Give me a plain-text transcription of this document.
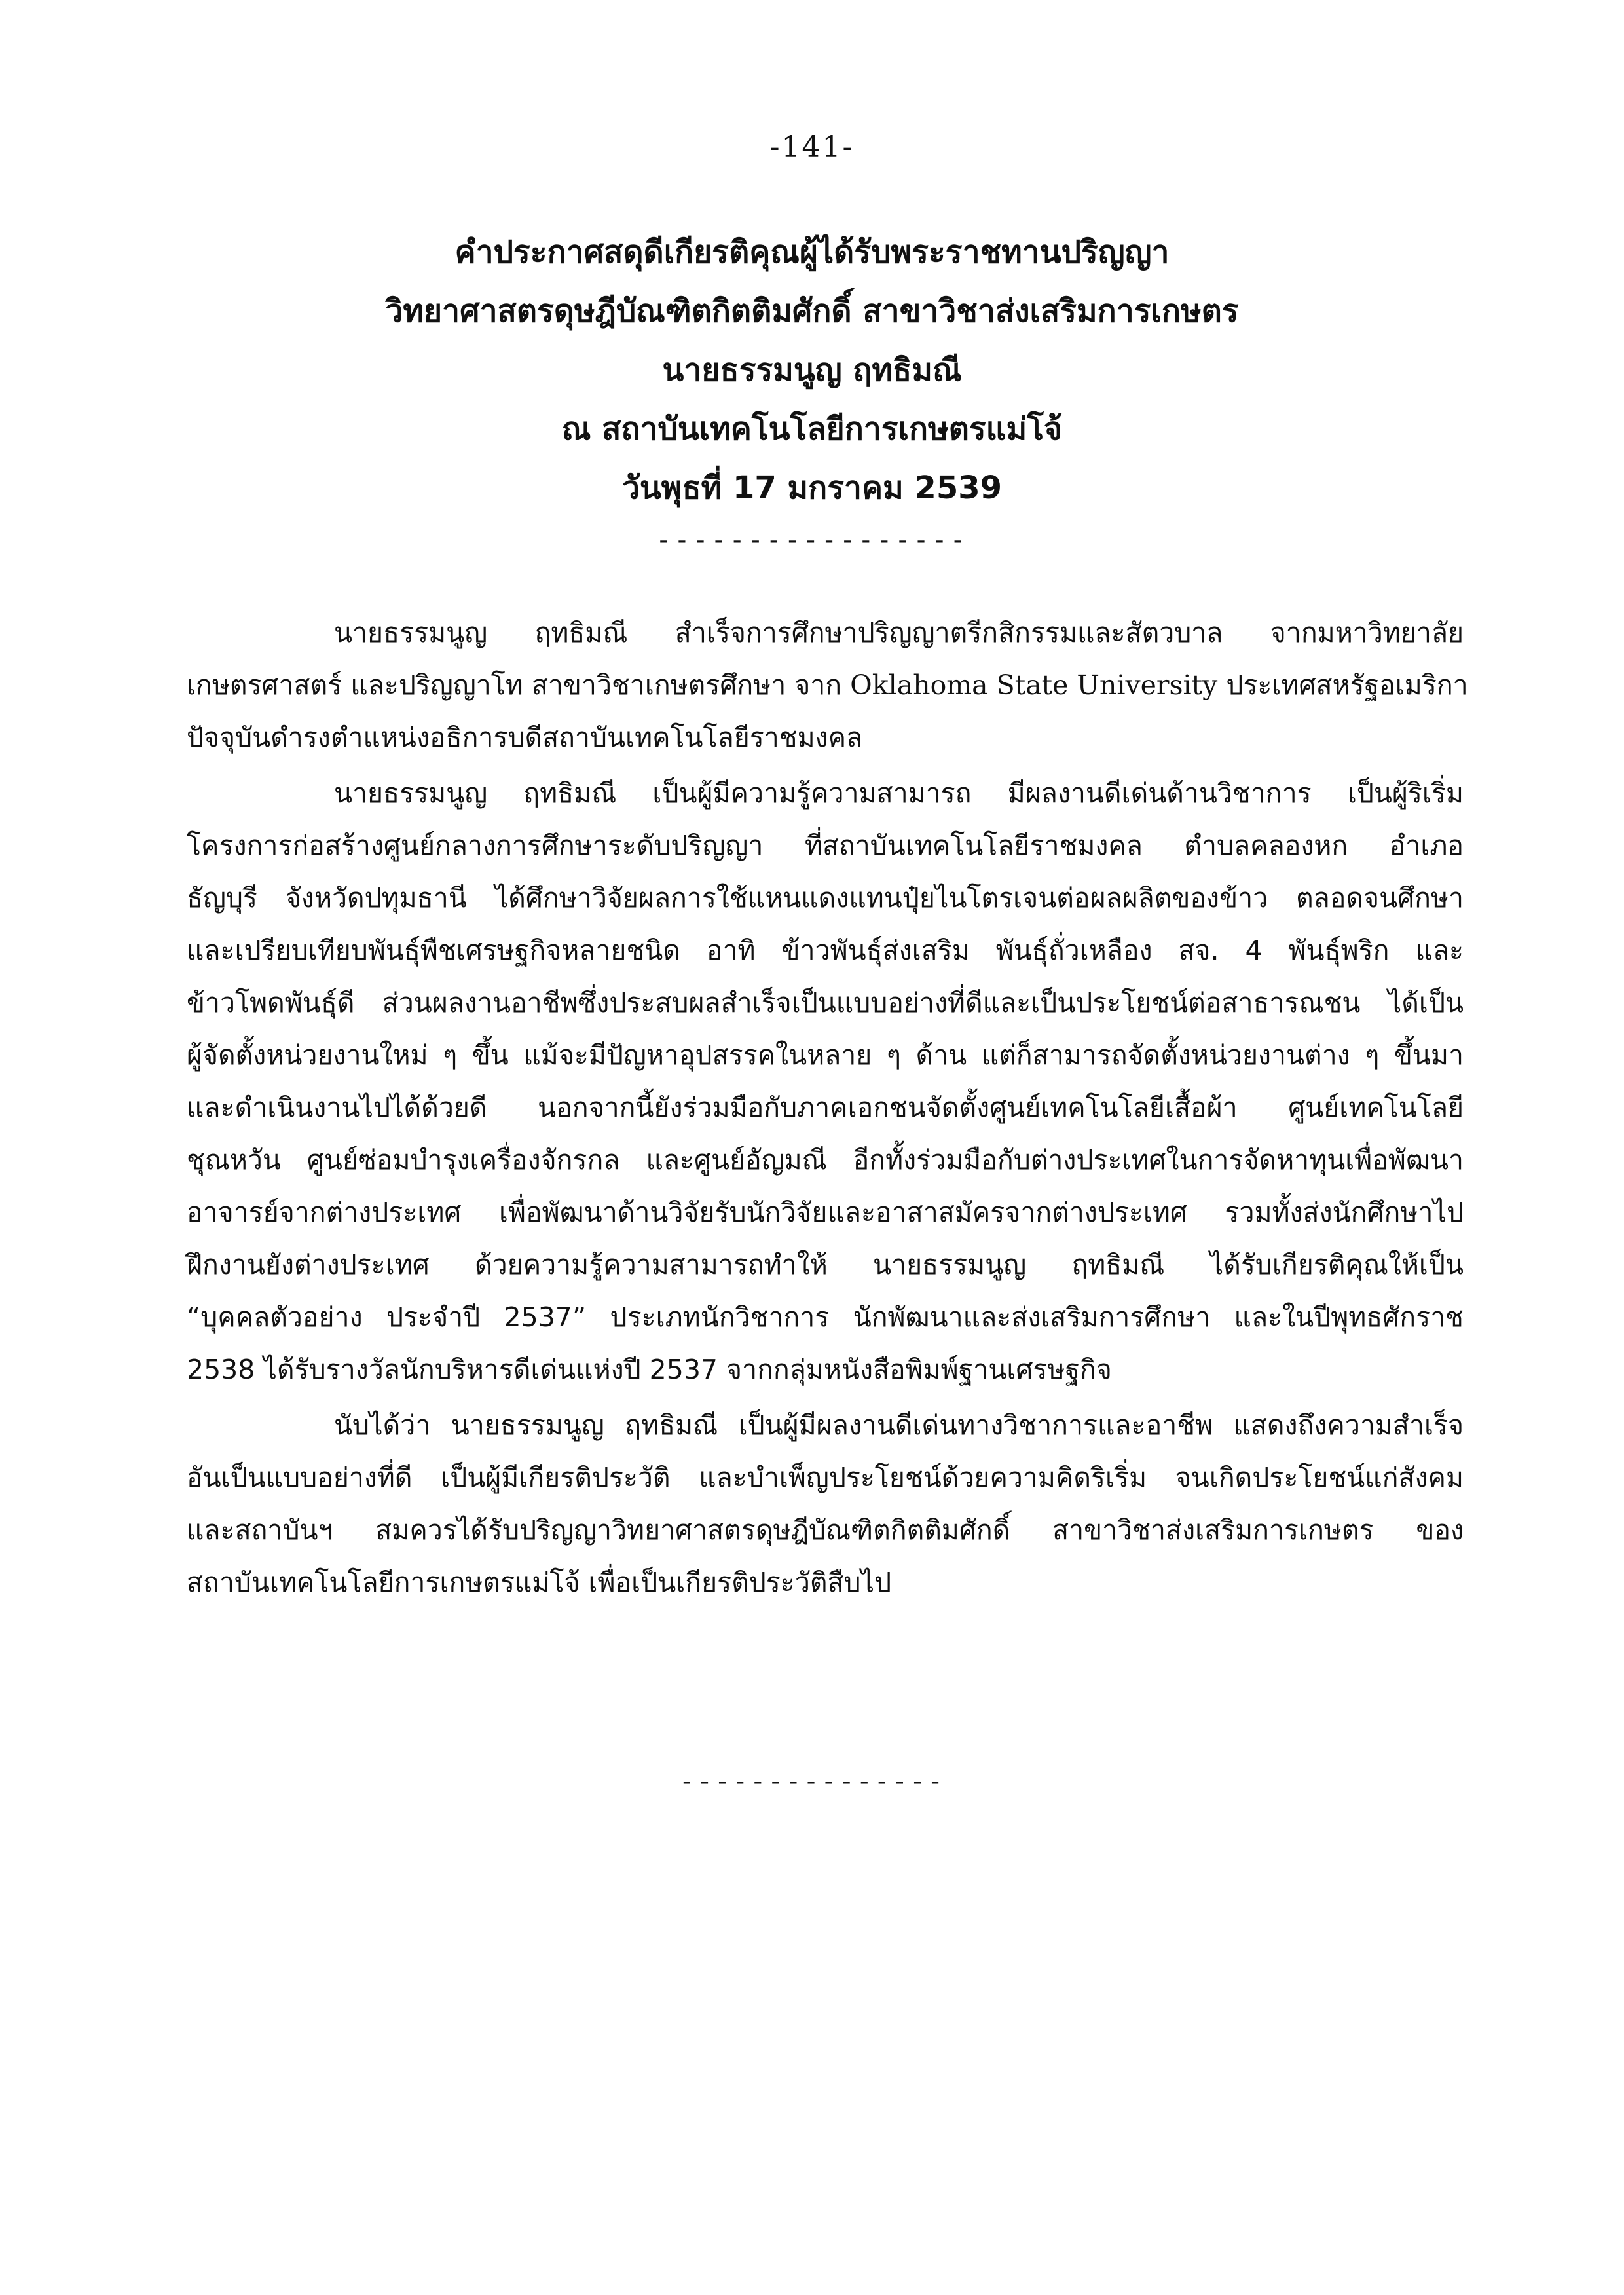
-141-
คำประกาศสดุดีเกียรติคุณผู้ได้รับพระราชทานปริญญา
วิทยาศาสตรดุษฎีบัณฑิตกิตติมศักดิ์ สาขาวิชาส่งเสริมการเกษตร
นายธรรมนูญ ฤทธิมณี
ณ สถาบันเทคโนโลยีการเกษตรแม่โจ้
วันพุธที่ 17 มกราคม 2539
-----------------
นายธรรมนูญ ฤทธิมณี สำเร็จการศึกษาปริญญาตรีกสิกรรมและสัตวบาล จากมหาวิทยาลัย
เกษตรศาสตร์ และปริญญาโท สาขาวิชาเกษตรศึกษา จาก Oklahoma State University ประเทศสหรัฐอเมริกา
ปัจจุบันดำรงตำแหน่งอธิการบดีสถาบันเทคโนโลยีราชมงคล
นายธรรมนูญ ฤทธิมณี เป็นผู้มีความรู้ความสามารถ มีผลงานดีเด่นด้านวิชาการ เป็นผู้ริเริ่ม
โครงการก่อสร้างศูนย์กลางการศึกษาระดับปริญญา ที่สถาบันเทคโนโลยีราชมงคล ตำบลคลองหก อำเภอ
ธัญบุรี จังหวัดปทุมธานี ได้ศึกษาวิจัยผลการใช้แหนแดงแทนปุ๋ยไนโตรเจนต่อผลผลิตของข้าว ตลอดจนศึกษา
และเปรียบเทียบพันธุ์พืชเศรษฐกิจหลายชนิด อาทิ ข้าวพันธุ์ส่งเสริม พันธุ์ถั่วเหลือง สจ. 4 พันธุ์พริก และ
ข้าวโพดพันธุ์ดี ส่วนผลงานอาชีพซึ่งประสบผลสำเร็จเป็นแบบอย่างที่ดีและเป็นประโยชน์ต่อสาธารณชน ได้เป็น
ผู้จัดตั้งหน่วยงานใหม่ ๆ ขึ้น แม้จะมีปัญหาอุปสรรคในหลาย ๆ ด้าน แต่ก็สามารถจัดตั้งหน่วยงานต่าง ๆ ขึ้นมา
และดำเนินงานไปได้ด้วยดี นอกจากนี้ยังร่วมมือกับภาคเอกชนจัดตั้งศูนย์เทคโนโลยีเสื้อผ้า ศูนย์เทคโนโลยี
ชุณหวัน ศูนย์ซ่อมบำรุงเครื่องจักรกล และศูนย์อัญมณี อีกทั้งร่วมมือกับต่างประเทศในการจัดหาทุนเพื่อพัฒนา
อาจารย์จากต่างประเทศ เพื่อพัฒนาด้านวิจัยรับนักวิจัยและอาสาสมัครจากต่างประเทศ รวมทั้งส่งนักศึกษาไป
ฝึกงานยังต่างประเทศ ด้วยความรู้ความสามารถทำให้ นายธรรมนูญ ฤทธิมณี ได้รับเกียรติคุณให้เป็น
“บุคคลตัวอย่าง ประจำปี 2537” ประเภทนักวิชาการ นักพัฒนาและส่งเสริมการศึกษา และในปีพุทธศักราช
2538 ได้รับรางวัลนักบริหารดีเด่นแห่งปี 2537 จากกลุ่มหนังสือพิมพ์ฐานเศรษฐกิจ
นับได้ว่า นายธรรมนูญ ฤทธิมณี เป็นผู้มีผลงานดีเด่นทางวิชาการและอาชีพ แสดงถึงความสำเร็จ
อันเป็นแบบอย่างที่ดี เป็นผู้มีเกียรติประวัติ และบำเพ็ญประโยชน์ด้วยความคิดริเริ่ม จนเกิดประโยชน์แก่สังคม
และสถาบันฯ สมควรได้รับปริญญาวิทยาศาสตรดุษฎีบัณฑิตกิตติมศักดิ์ สาขาวิชาส่งเสริมการเกษตร ของ
สถาบันเทคโนโลยีการเกษตรแม่โจ้ เพื่อเป็นเกียรติประวัติสืบไป
---------------
